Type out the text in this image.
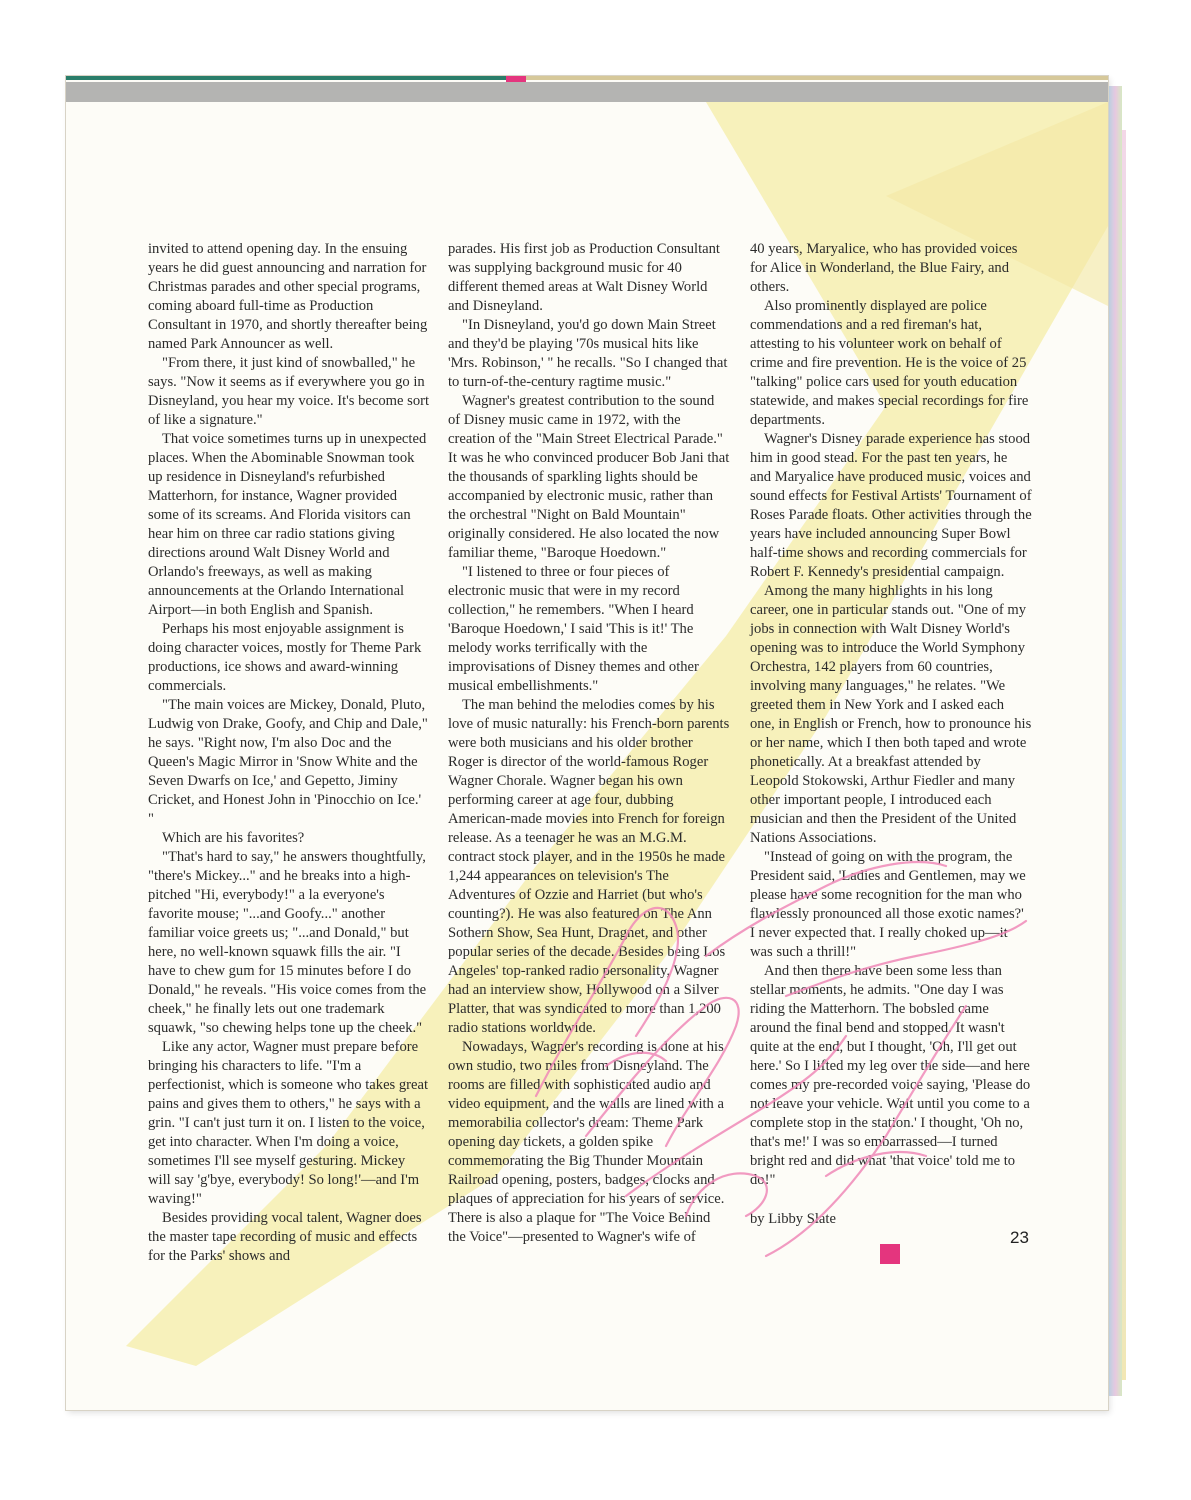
invited to attend opening day. In the ensuing years he did guest announcing and narration for Christmas parades and other special programs, coming aboard full-time as Production Consultant in 1970, and shortly thereafter being named Park Announcer as well.

"From there, it just kind of snowballed," he says. "Now it seems as if everywhere you go in Disneyland, you hear my voice. It's become sort of like a signature."

That voice sometimes turns up in unexpected places. When the Abominable Snowman took up residence in Disneyland's refurbished Matterhorn, for instance, Wagner provided some of its screams. And Florida visitors can hear him on three car radio stations giving directions around Walt Disney World and Orlando's freeways, as well as making announcements at the Orlando International Airport—in both English and Spanish.

Perhaps his most enjoyable assignment is doing character voices, mostly for Theme Park productions, ice shows and award-winning commercials.

"The main voices are Mickey, Donald, Pluto, Ludwig von Drake, Goofy, and Chip and Dale," he says. "Right now, I'm also Doc and the Queen's Magic Mirror in 'Snow White and the Seven Dwarfs on Ice,' and Gepetto, Jiminy Cricket, and Honest John in 'Pinocchio on Ice.' "

Which are his favorites?

"That's hard to say," he answers thoughtfully, "there's Mickey..." and he breaks into a high-pitched "Hi, everybody!" a la everyone's favorite mouse; "...and Goofy..." another familiar voice greets us; "...and Donald," but here, no well-known squawk fills the air. "I have to chew gum for 15 minutes before I do Donald," he reveals. "His voice comes from the cheek," he finally lets out one trademark squawk, "so chewing helps tone up the cheek."

Like any actor, Wagner must prepare before bringing his characters to life. "I'm a perfectionist, which is someone who takes great pains and gives them to others," he says with a grin. "I can't just turn it on. I listen to the voice, get into character. When I'm doing a voice, sometimes I'll see myself gesturing. Mickey will say 'g'bye, everybody! So long!'—and I'm waving!"

Besides providing vocal talent, Wagner does the master tape recording of music and effects for the Parks' shows and

parades. His first job as Production Consultant was supplying background music for 40 different themed areas at Walt Disney World and Disneyland.

"In Disneyland, you'd go down Main Street and they'd be playing '70s musical hits like 'Mrs. Robinson,' " he recalls. "So I changed that to turn-of-the-century ragtime music."

Wagner's greatest contribution to the sound of Disney music came in 1972, with the creation of the "Main Street Electrical Parade." It was he who convinced producer Bob Jani that the thousands of sparkling lights should be accompanied by electronic music, rather than the orchestral "Night on Bald Mountain" originally considered. He also located the now familiar theme, "Baroque Hoedown."

"I listened to three or four pieces of electronic music that were in my record collection," he remembers. "When I heard 'Baroque Hoedown,' I said 'This is it!' The melody works terrifically with the improvisations of Disney themes and other musical embellishments."

The man behind the melodies comes by his love of music naturally: his French-born parents were both musicians and his older brother Roger is director of the world-famous Roger Wagner Chorale. Wagner began his own performing career at age four, dubbing American-made movies into French for foreign release. As a teenager he was an M.G.M. contract stock player, and in the 1950s he made 1,244 appearances on television's The Adventures of Ozzie and Harriet (but who's counting?). He was also featured on The Ann Sothern Show, Sea Hunt, Dragnet, and other popular series of the decade. Besides being Los Angeles' top-ranked radio personality, Wagner had an interview show, Hollywood on a Silver Platter, that was syndicated to more than 1,200 radio stations worldwide.

Nowadays, Wagner's recording is done at his own studio, two miles from Disneyland. The rooms are filled with sophisticated audio and video equipment, and the walls are lined with a memorabilia collector's dream: Theme Park opening day tickets, a golden spike commemorating the Big Thunder Mountain Railroad opening, posters, badges, clocks and plaques of appreciation for his years of service. There is also a plaque for "The Voice Behind the Voice"—presented to Wagner's wife of

40 years, Maryalice, who has provided voices for Alice in Wonderland, the Blue Fairy, and others.

Also prominently displayed are police commendations and a red fireman's hat, attesting to his volunteer work on behalf of crime and fire prevention. He is the voice of 25 "talking" police cars used for youth education statewide, and makes special recordings for fire departments.

Wagner's Disney parade experience has stood him in good stead. For the past ten years, he and Maryalice have produced music, voices and sound effects for Festival Artists' Tournament of Roses Parade floats. Other activities through the years have included announcing Super Bowl half-time shows and recording commercials for Robert F. Kennedy's presidential campaign.

Among the many highlights in his long career, one in particular stands out. "One of my jobs in connection with Walt Disney World's opening was to introduce the World Symphony Orchestra, 142 players from 60 countries, involving many languages," he relates. "We greeted them in New York and I asked each one, in English or French, how to pronounce his or her name, which I then both taped and wrote phonetically. At a breakfast attended by Leopold Stokowski, Arthur Fiedler and many other important people, I introduced each musician and then the President of the United Nations Associations.

"Instead of going on with the program, the President said, 'Ladies and Gentlemen, may we please have some recognition for the man who flawlessly pronounced all those exotic names?' I never expected that. I really choked up—it was such a thrill!"

And then there have been some less than stellar moments, he admits. "One day I was riding the Matterhorn. The bobsled came around the final bend and stopped. It wasn't quite at the end, but I thought, 'Oh, I'll get out here.' So I lifted my leg over the side—and here comes my pre-recorded voice saying, 'Please do not leave your vehicle. Wait until you come to a complete stop in the station.' I thought, 'Oh no, that's me!' I was so embarrassed—I turned bright red and did what 'that voice' told me to do!"

by Libby Slate

23
